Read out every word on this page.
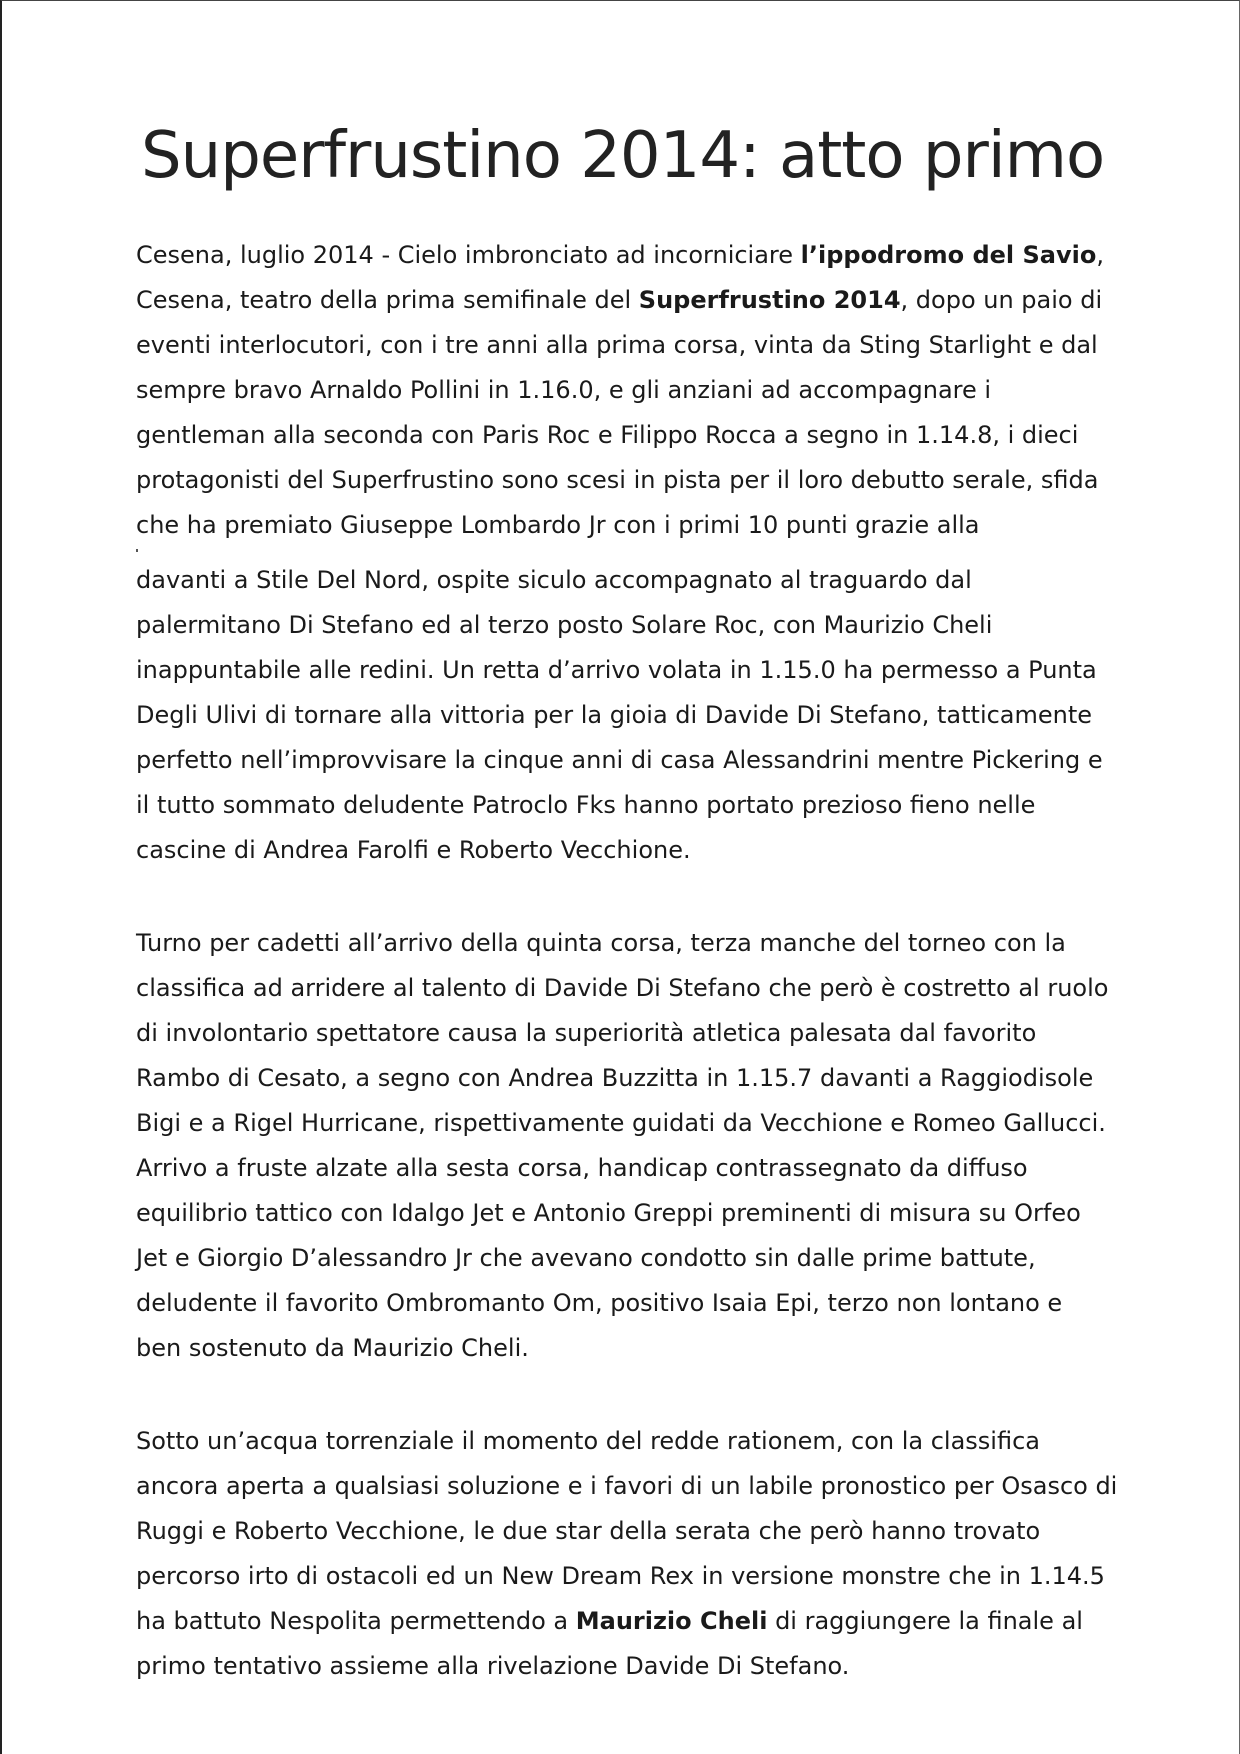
Superfrustino 2014: atto primo
Cesena, luglio 2014 - Cielo imbronciato ad incorniciare l’ippodromo del Savio,
Cesena, teatro della prima semifinale del Superfrustino 2014, dopo un paio di
eventi interlocutori, con i tre anni alla prima corsa, vinta da Sting Starlight e dal
sempre bravo Arnaldo Pollini in 1.16.0, e gli anziani ad accompagnare i
gentleman alla seconda con Paris Roc e Filippo Rocca a segno in 1.14.8, i dieci
protagonisti del Superfrustino sono scesi in pista per il loro debutto serale, sfida
che ha premiato Giuseppe Lombardo Jr con i primi 10 punti grazie alla
davanti a Stile Del Nord, ospite siculo accompagnato al traguardo dal
palermitano Di Stefano ed al terzo posto Solare Roc, con Maurizio Cheli
inappuntabile alle redini. Un retta d’arrivo volata in 1.15.0 ha permesso a Punta
Degli Ulivi di tornare alla vittoria per la gioia di Davide Di Stefano, tatticamente
perfetto nell’improvvisare la cinque anni di casa Alessandrini mentre Pickering e
il tutto sommato deludente Patroclo Fks hanno portato prezioso fieno nelle
cascine di Andrea Farolfi e Roberto Vecchione.
Turno per cadetti all’arrivo della quinta corsa, terza manche del torneo con la
classifica ad arridere al talento di Davide Di Stefano che però è costretto al ruolo
di involontario spettatore causa la superiorità atletica palesata dal favorito
Rambo di Cesato, a segno con Andrea Buzzitta in 1.15.7 davanti a Raggiodisole
Bigi e a Rigel Hurricane, rispettivamente guidati da Vecchione e Romeo Gallucci.
Arrivo a fruste alzate alla sesta corsa, handicap contrassegnato da diffuso
equilibrio tattico con Idalgo Jet e Antonio Greppi preminenti di misura su Orfeo
Jet e Giorgio D’alessandro Jr che avevano condotto sin dalle prime battute,
deludente il favorito Ombromanto Om, positivo Isaia Epi, terzo non lontano e
ben sostenuto da Maurizio Cheli.
Sotto un’acqua torrenziale il momento del redde rationem, con la classifica
ancora aperta a qualsiasi soluzione e i favori di un labile pronostico per Osasco di
Ruggi e Roberto Vecchione, le due star della serata che però hanno trovato
percorso irto di ostacoli ed un New Dream Rex in versione monstre che in 1.14.5
ha battuto Nespolita permettendo a Maurizio Cheli di raggiungere la finale al
primo tentativo assieme alla rivelazione Davide Di Stefano.
